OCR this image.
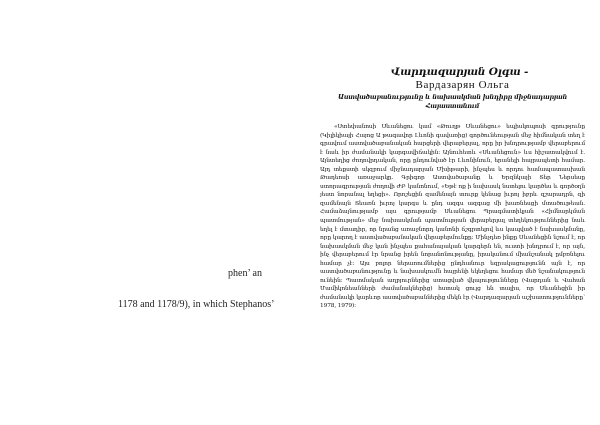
phen’ an
1178 and 1178/9), in which Stephanos’
Վարդազարյան Օլգա -
Вардазарян Ольга
Աստվածաբանությունը և նախասկման խնդիրը միջնադարյան
Հայաստանում

«Ստեփանոսի Սևանեցու կամ «Թուղթ Սևանեցու» եպիսկոպոսի գրությունը (Կիլիկիայի Հայոց Ա թագավոր Լևոնի գավառից) գործունեության մեջ հիմնական տեղ է գրավում աստվածաբանական հարցերի վերաբերյալ, որը իր խնդրությամբ վերաբերում է նաև իր ժամանակի կարգավիճակին: Այնուհետև «Սևանեցուն» ևս հիշատակվում է. Այնտեղից ժողովրդական, որը ընդունված էր Լևոնինուն, երանելի հայրապետի համար. Այդ տեքստի սկզբում միջնադարյան Մխիթարի, ինչպես և որդու համապատասխան Թադեոսի առաջարկը. Գրիգոր Աստվածաբանը և Երզնկայի Տեր Ներսեսը ստորագրության ժողովի ԺԲ կանոնում, «Եթէ ոք ի նախասկ նստելու կարծես և գործօղն յեստ նորանալ եղեցի». Որոշեցին զամենայն տուրք կենաց իւրոյ իբրև զշարադրն, զի զամենայն Տեառն իւրոյ կարգս և ընդ ազգս ազգաց մի խառնեսցի մտածութեան. Համաձայնությամբ այս գրությամբ Սևանեցու Պրագմատիկյան «Հիմնարկման պատմության» մեջ նախասկման պատմության վերաբերյալ տեղեկություններից նաև եղել է մտադիր, որ նրանց առաջնորդ կանոնի ճշգրտելով ևս կապված է նախասկմանը, որը կարող է աստվածաբանական վերաբերմունքը: Մինչդեռ ինքը Սևանեցին նշում է, որ նախասկման մեջ կան ինչպես քահանայական կարգերն են, ուստի խնդրում է, որ այն, ինչ վերաբերում էր նրանց իրեն նորանոնությանը, իրականում միանշանակ ըմբռնելու համար չէ: Այս բոլոր ներառումներից ընդհանուր եզրակացությունն այն է, որ աստվածաբանությունը և նախասկումն հայրենի եկեղեցու համար մեծ նշանակություն ունեին: Պատմական աղբյուրներից ստացված վկայությունները (Վարդան և Վահան Մամիկոնեանների ժամանակներից) հստակ ցույց են տալիս, որ Սևանեցին իր ժամանակի կարևոր աստվածաբաններից մեկն էր (Վարդազարյան աշխատությունները՝ 1978, 1979):
